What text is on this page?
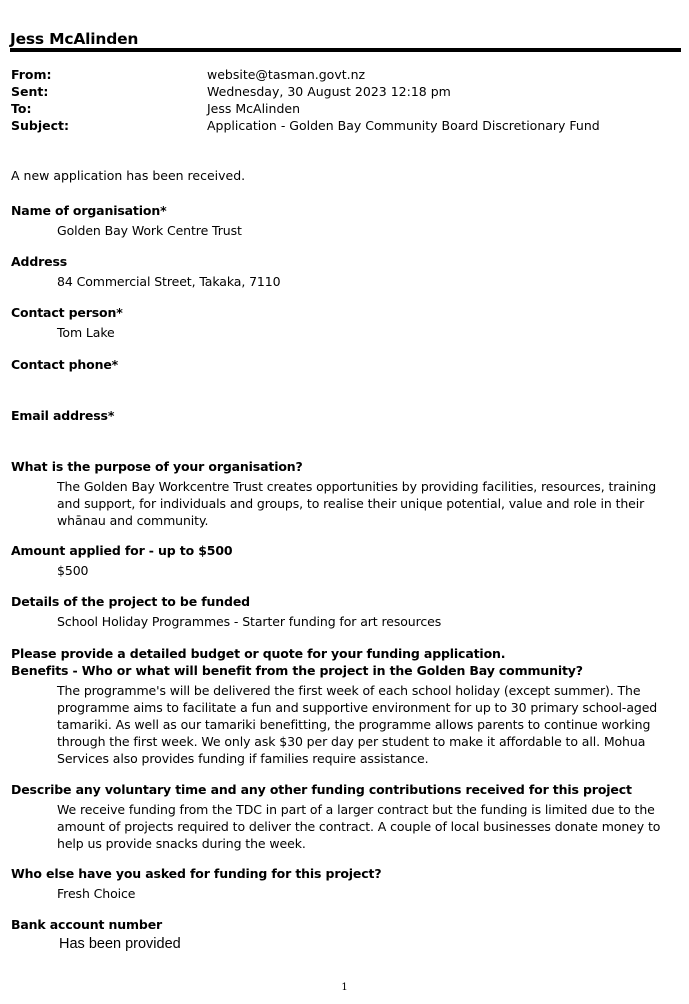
Jess McAlinden
From:	website@tasman.govt.nz
Sent:	Wednesday, 30 August 2023 12:18 pm
To:	Jess McAlinden
Subject:	Application - Golden Bay Community Board Discretionary Fund
A new application has been received.
Name of organisation*
Golden Bay Work Centre Trust
Address
84 Commercial Street, Takaka, 7110
Contact person*
Tom Lake
Contact phone*
Email address*
What is the purpose of your organisation?
The Golden Bay Workcentre Trust creates opportunities by providing facilities, resources, training and support, for individuals and groups, to realise their unique potential, value and role in their whānau and community.
Amount applied for - up to $500
$500
Details of the project to be funded
School Holiday Programmes - Starter funding for art resources
Please provide a detailed budget or quote for your funding application.
Benefits - Who or what will benefit from the project in the Golden Bay community?
The programme's will be delivered the first week of each school holiday (except summer). The programme aims to facilitate a fun and supportive environment for up to 30 primary school-aged tamariki. As well as our tamariki benefitting, the programme allows parents to continue working through the first week. We only ask $30 per day per student to make it affordable to all. Mohua Services also provides funding if families require assistance.
Describe any voluntary time and any other funding contributions received for this project
We receive funding from the TDC in part of a larger contract but the funding is limited due to the amount of projects required to deliver the contract. A couple of local businesses donate money to help us provide snacks during the week.
Who else have you asked for funding for this project?
Fresh Choice
Bank account number
Has been provided
1
